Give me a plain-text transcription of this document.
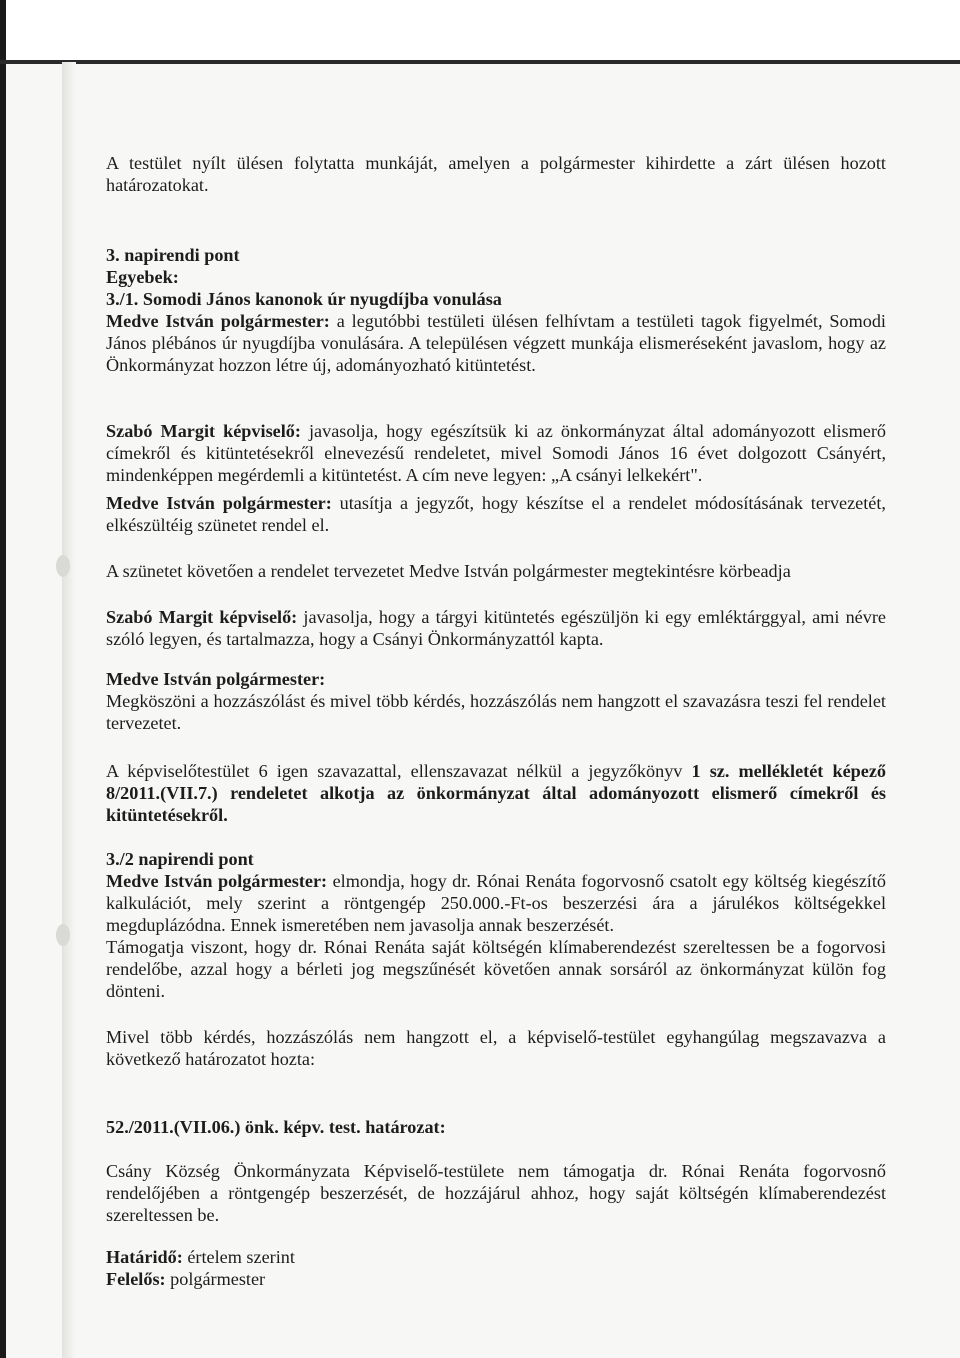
A testület nyílt ülésen folytatta munkáját, amelyen a polgármester kihirdette a zárt ülésen hozott határozatokat.

3. napirendi pont

Egyebek:

3./1. Somodi János kanonok úr nyugdíjba vonulása

Medve István polgármester: a legutóbbi testületi ülésen felhívtam a testületi tagok figyelmét, Somodi János plébános úr nyugdíjba vonulására. A településen végzett munkája elismeréseként javaslom, hogy az Önkormányzat hozzon létre új, adományozható kitüntetést.

Szabó Margit képviselő: javasolja, hogy egészítsük ki az önkormányzat által adományozott elismerő címekről és kitüntetésekről elnevezésű rendeletet, mivel Somodi János 16 évet dolgozott Csányért, mindenképpen megérdemli a kitüntetést. A cím neve legyen: „A csányi lelkekért".

Medve István polgármester: utasítja a jegyzőt, hogy készítse el a rendelet módosításának tervezetét, elkészültéig szünetet rendel el.

A szünetet követően a rendelet tervezetet Medve István polgármester megtekintésre körbeadja

Szabó Margit képviselő: javasolja, hogy a tárgyi kitüntetés egészüljön ki egy emléktárggyal, ami névre szóló legyen, és tartalmazza, hogy a Csányi Önkormányzattól kapta.

Medve István polgármester:

Megköszöni a hozzászólást és mivel több kérdés, hozzászólás nem hangzott el szavazásra teszi fel rendelet tervezetet.

A képviselőtestület 6 igen szavazattal, ellenszavazat nélkül a jegyzőkönyv 1 sz. mellékletét képező 8/2011.(VII.7.) rendeletet alkotja az önkormányzat által adományozott elismerő címekről és kitüntetésekről.

3./2 napirendi pont

Medve István polgármester: elmondja, hogy dr. Rónai Renáta fogorvosnő csatolt egy költség kiegészítő kalkulációt, mely szerint a röntgengép 250.000.-Ft-os beszerzési ára a járulékos költségekkel megduplázódna. Ennek ismeretében nem javasolja annak beszerzését.

Támogatja viszont, hogy dr. Rónai Renáta saját költségén klímaberendezést szereltessen be a fogorvosi rendelőbe, azzal hogy a bérleti jog megszűnését követően annak sorsáról az önkormányzat külön fog dönteni.

Mivel több kérdés, hozzászólás nem hangzott el, a képviselő-testület egyhangúlag megszavazva a következő határozatot hozta:

52./2011.(VII.06.) önk. képv. test. határozat:

Csány Község Önkormányzata Képviselő-testülete nem támogatja dr. Rónai Renáta fogorvosnő rendelőjében a röntgengép beszerzését, de hozzájárul ahhoz, hogy saját költségén klímaberendezést szereltessen be.

Határidő: értelem szerint

Felelős: polgármester
